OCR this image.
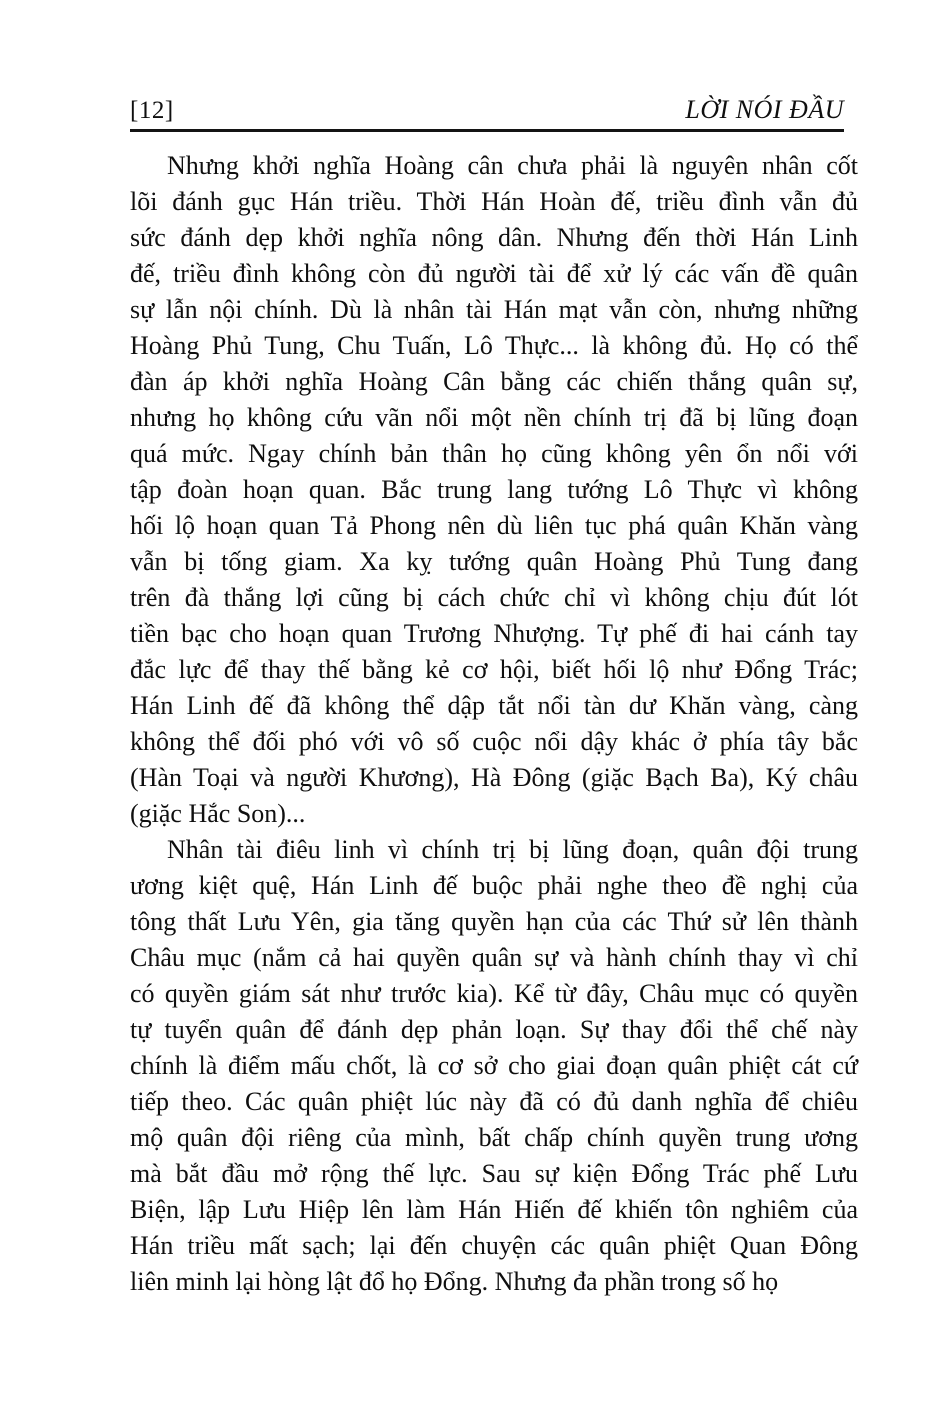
[12]	LỜI NÓI ĐẦU
Nhưng khởi nghĩa Hoàng cân chưa phải là nguyên nhân cốt
lõi đánh gục Hán triều. Thời Hán Hoàn đế, triều đình vẫn đủ
sức đánh dẹp khởi nghĩa nông dân. Nhưng đến thời Hán Linh
đế, triều đình không còn đủ người tài để xử lý các vấn đề quân
sự lẫn nội chính. Dù là nhân tài Hán mạt vẫn còn, nhưng những
Hoàng Phủ Tung, Chu Tuấn, Lô Thực... là không đủ. Họ có thể
đàn áp khởi nghĩa Hoàng Cân bằng các chiến thắng quân sự,
nhưng họ không cứu vãn nổi một nền chính trị đã bị lũng đoạn
quá mức. Ngay chính bản thân họ cũng không yên ổn nổi với
tập đoàn hoạn quan. Bắc trung lang tướng Lô Thực vì không
hối lộ hoạn quan Tả Phong nên dù liên tục phá quân Khăn vàng
vẫn bị tống giam. Xa kỵ tướng quân Hoàng Phủ Tung đang
trên đà thắng lợi cũng bị cách chức chỉ vì không chịu đút lót
tiền bạc cho hoạn quan Trương Nhượng. Tự phế đi hai cánh tay
đắc lực để thay thế bằng kẻ cơ hội, biết hối lộ như Đổng Trác;
Hán Linh đế đã không thể dập tắt nổi tàn dư Khăn vàng, càng
không thể đối phó với vô số cuộc nổi dậy khác ở phía tây bắc
(Hàn Toại và người Khương), Hà Đông (giặc Bạch Ba), Ký châu
(giặc Hắc Son)...
Nhân tài điêu linh vì chính trị bị lũng đoạn, quân đội trung
ương kiệt quệ, Hán Linh đế buộc phải nghe theo đề nghị của
tông thất Lưu Yên, gia tăng quyền hạn của các Thứ sử lên thành
Châu mục (nắm cả hai quyền quân sự và hành chính thay vì chỉ
có quyền giám sát như trước kia). Kể từ đây, Châu mục có quyền
tự tuyển quân để đánh dẹp phản loạn. Sự thay đổi thể chế này
chính là điểm mấu chốt, là cơ sở cho giai đoạn quân phiệt cát cứ
tiếp theo. Các quân phiệt lúc này đã có đủ danh nghĩa để chiêu
mộ quân đội riêng của mình, bất chấp chính quyền trung ương
mà bắt đầu mở rộng thế lực. Sau sự kiện Đổng Trác phế Lưu
Biện, lập Lưu Hiệp lên làm Hán Hiến đế khiến tôn nghiêm của
Hán triều mất sạch; lại đến chuyện các quân phiệt Quan Đông
liên minh lại hòng lật đổ họ Đổng. Nhưng đa phần trong số họ
